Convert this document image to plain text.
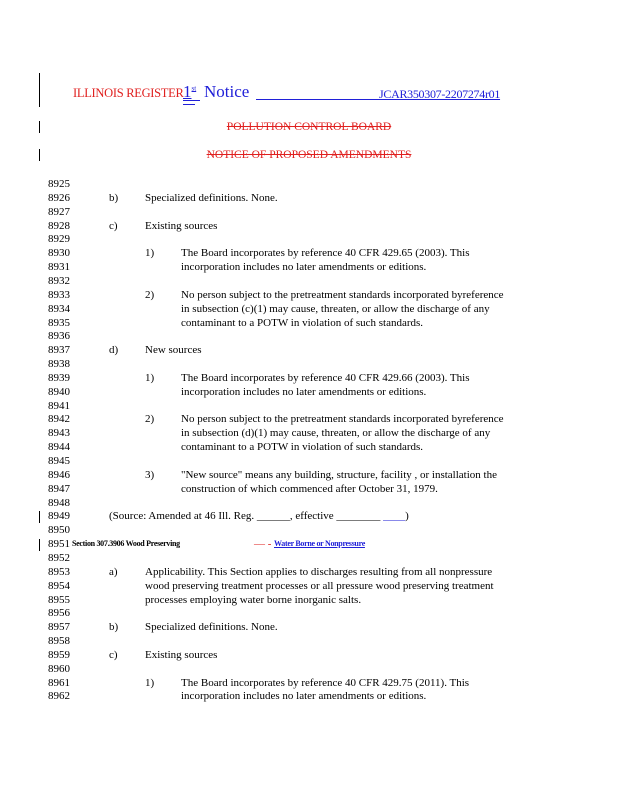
ILLINOIS REGISTER 1st Notice	JCAR350307-2207274r01
POLLUTION CONTROL BOARD
NOTICE OF PROPOSED AMENDMENTS
8925
8926	b) Specialized definitions. None.
8927
8928	c) Existing sources
8929
8930	1) The Board incorporates by reference 40 CFR 429.65 (2003). This
8931	incorporation includes no later amendments or editions.
8932
8933	2) No person subject to the pretreatment standards incorporated byreference
8934	in subsection (c)(1) may cause, threaten, or allow the discharge of any
8935	contaminant to a POTW in violation of such standards.
8936
8937	d) New sources
8938
8939	1) The Board incorporates by reference 40 CFR 429.66 (2003). This
8940	incorporation includes no later amendments or editions.
8941
8942	2) No person subject to the pretreatment standards incorporated byreference
8943	in subsection (d)(1) may cause, threaten, or allow the discharge of any
8944	contaminant to a POTW in violation of such standards.
8945
8946	3) "New source" means any building, structure, facility , or installation the
8947	construction of which commenced after October 31, 1979.
8948
8949	(Source: Amended at 46 Ill. Reg. ______, effective ________ ____)
8950
8951 Section 307.3906 Wood Preserving	— - Water Borne or Nonpressure
8952
8953	a) Applicability. This Section applies to discharges resulting from all nonpressure
8954	wood preserving treatment processes or all pressure wood preserving treatment
8955	processes employing water borne inorganic salts.
8956
8957	b) Specialized definitions. None.
8958
8959	c) Existing sources
8960
8961	1) The Board incorporates by reference 40 CFR 429.75 (2011). This
8962	incorporation includes no later amendments or editions.
